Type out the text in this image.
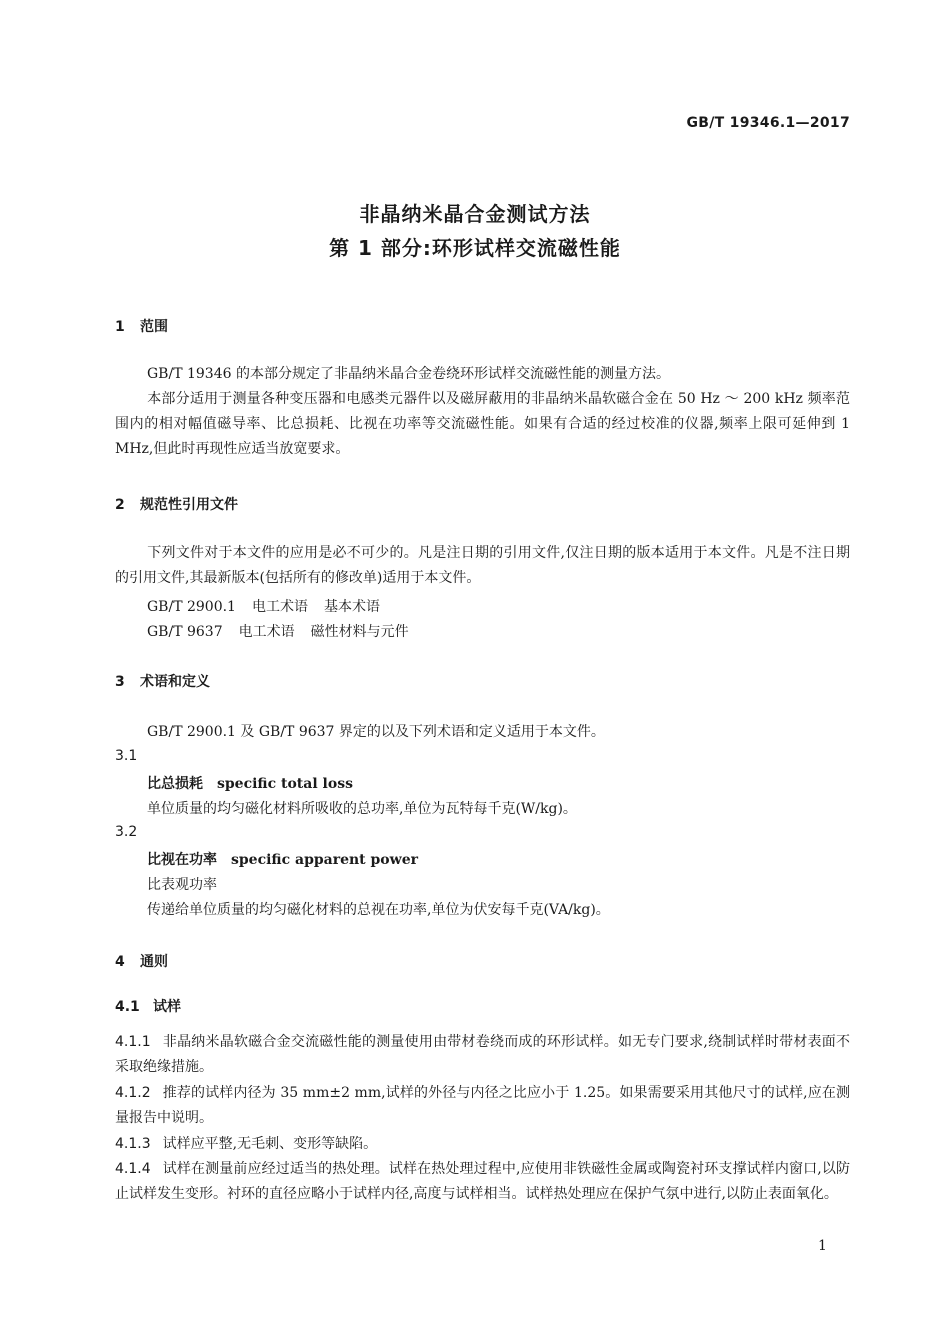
GB/T 19346.1—2017
非晶纳米晶合金测试方法
第 1 部分:环形试样交流磁性能
1 范围
GB/T 19346 的本部分规定了非晶纳米晶合金卷绕环形试样交流磁性能的测量方法。
本部分适用于测量各种变压器和电感类元器件以及磁屏蔽用的非晶纳米晶软磁合金在 50 Hz ～ 200 kHz 频率范围内的相对幅值磁导率、比总损耗、比视在功率等交流磁性能。如果有合适的经过校准的仪器,频率上限可延伸到 1 MHz,但此时再现性应适当放宽要求。
2 规范性引用文件
下列文件对于本文件的应用是必不可少的。凡是注日期的引用文件,仅注日期的版本适用于本文件。凡是不注日期的引用文件,其最新版本(包括所有的修改单)适用于本文件。
GB/T 2900.1 电工术语 基本术语
GB/T 9637 电工术语 磁性材料与元件
3 术语和定义
GB/T 2900.1 及 GB/T 9637 界定的以及下列术语和定义适用于本文件。
3.1
比总损耗 specific total loss
单位质量的均匀磁化材料所吸收的总功率,单位为瓦特每千克(W/kg)。
3.2
比视在功率 specific apparent power
比表观功率
传递给单位质量的均匀磁化材料的总视在功率,单位为伏安每千克(VA/kg)。
4 通则
4.1 试样
4.1.1 非晶纳米晶软磁合金交流磁性能的测量使用由带材卷绕而成的环形试样。如无专门要求,绕制试样时带材表面不采取绝缘措施。
4.1.2 推荐的试样内径为 35 mm±2 mm,试样的外径与内径之比应小于 1.25。如果需要采用其他尺寸的试样,应在测量报告中说明。
4.1.3 试样应平整,无毛刺、变形等缺陷。
4.1.4 试样在测量前应经过适当的热处理。试样在热处理过程中,应使用非铁磁性金属或陶瓷衬环支撑试样内窗口,以防止试样发生变形。衬环的直径应略小于试样内径,高度与试样相当。试样热处理应在保护气氛中进行,以防止表面氧化。
1
